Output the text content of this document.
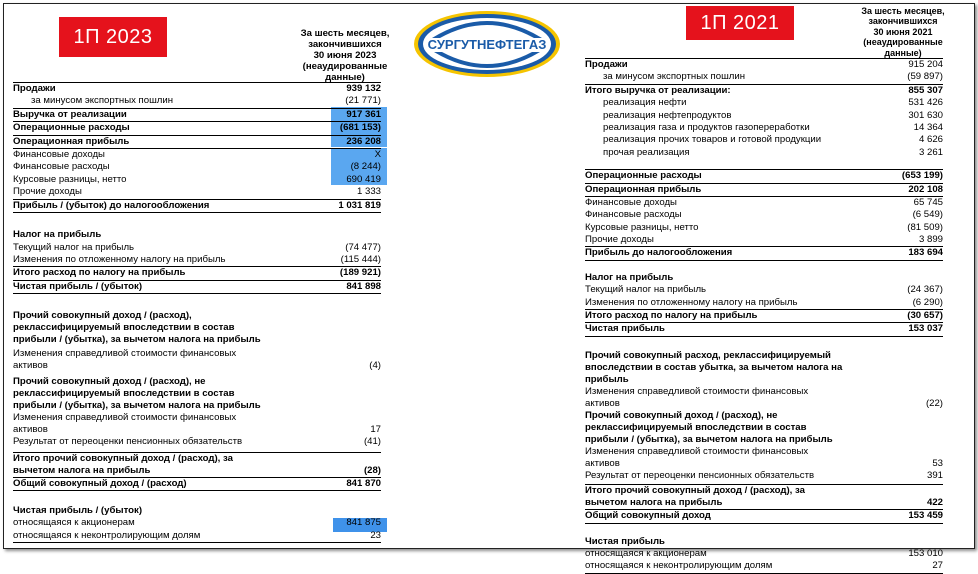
1П 2023
1П 2021
СУРГУТНЕФТЕГАЗ
За шесть месяцев,
закончившихся
30 июня 2023
(неаудированные
данные)
За шесть месяцев,
закончившихся
30 июня 2021
(неаудированные
данные)
Продажи	939 132
за минусом экспортных пошлин	(21 771)
Выручка от реализации	917 361
Операционные расходы	(681 153)
Операционная прибыль	236 208
Финансовые доходы	X
Финансовые расходы	(8 244)
Курсовые разницы, нетто	690 419
Прочие доходы	1 333
Прибыль / (убыток) до налогообложения	1 031 819
Налог на прибыль
Текущий налог на прибыль	(74 477)
Изменения по отложенному налогу на прибыль	(115 444)
Итого расход по налогу на прибыль	(189 921)
Чистая прибыль / (убыток)	841 898
Прочий совокупный доход / (расход), реклассифицируемый впоследствии в состав прибыли / (убытка), за вычетом налога на прибыль
Изменения справедливой стоимости финансовых активов	(4)
Прочий совокупный доход / (расход), не реклассифицируемый впоследствии в состав прибыли / (убытка), за вычетом налога на прибыль
Изменения справедливой стоимости финансовых активов	17
Результат от переоценки пенсионных обязательств	(41)
Итого прочий совокупный доход / (расход), за вычетом налога на прибыль	(28)
Общий совокупный доход / (расход)	841 870
Чистая прибыль / (убыток)
относящаяся к акционерам	841 875
относящаяся к неконтролирующим долям	23
Продажи	915 204
за минусом экспортных пошлин	(59 897)
Итого выручка от реализации:	855 307
реализация нефти	531 426
реализация нефтепродуктов	301 630
реализация газа и продуктов газопереработки	14 364
реализация прочих товаров и готовой продукции	4 626
прочая реализация	3 261
Операционные расходы	(653 199)
Операционная прибыль	202 108
Финансовые доходы	65 745
Финансовые расходы	(6 549)
Курсовые разницы, нетто	(81 509)
Прочие доходы	3 899
Прибыль до налогообложения	183 694
Налог на прибыль
Текущий налог на прибыль	(24 367)
Изменения по отложенному налогу на прибыль	(6 290)
Итого расход по налогу на прибыль	(30 657)
Чистая прибыль	153 037
Прочий совокупный расход, реклассифицируемый впоследствии в состав убытка, за вычетом налога на прибыль
Изменения справедливой стоимости финансовых активов	(22)
Прочий совокупный доход / (расход), не реклассифицируемый впоследствии в состав прибыли / (убытка), за вычетом налога на прибыль
Изменения справедливой стоимости финансовых активов	53
Результат от переоценки пенсионных обязательств	391
Итого прочий совокупный доход / (расход), за вычетом налога на прибыль	422
Общий совокупный доход	153 459
Чистая прибыль
относящаяся к акционерам	153 010
относящаяся к неконтролирующим долям	27
